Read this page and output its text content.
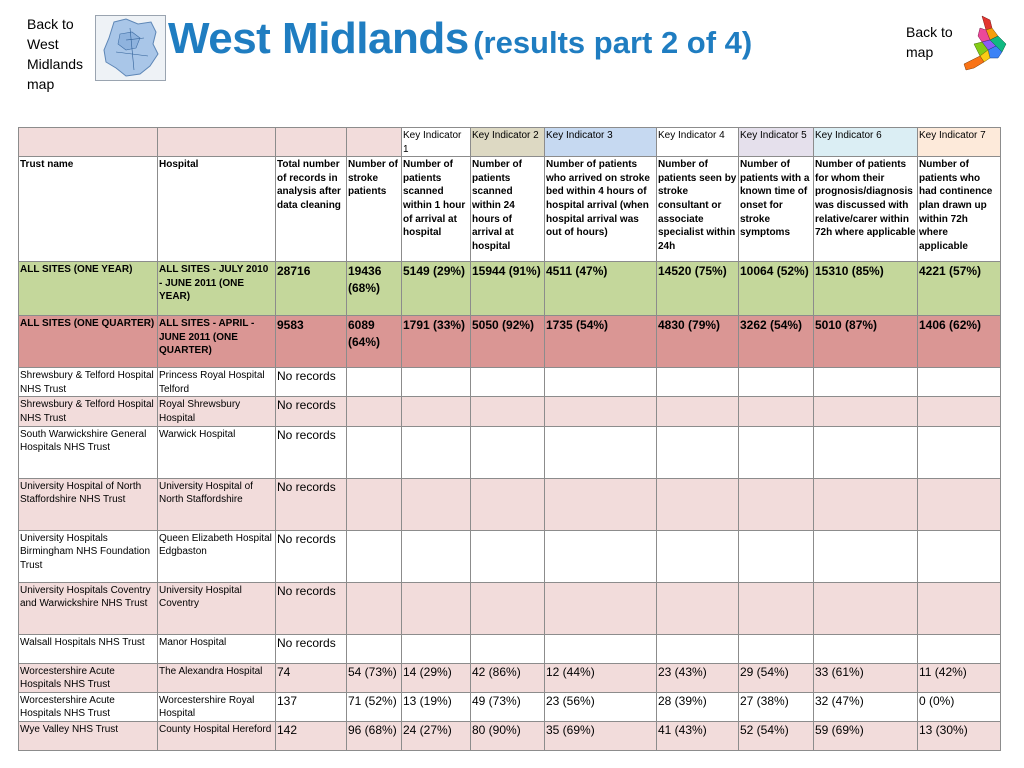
Back to West Midlands map
West Midlands (results part 2 of 4)	Back to map
				Key Indicator 1	Key Indicator 2	Key Indicator 3	Key Indicator 4	Key Indicator 5	Key Indicator 6	Key Indicator 7
Trust name	Hospital	Total number of records in analysis after data cleaning	Number of stroke patients	Number of patients scanned within 1 hour of arrival at hospital	Number of patients scanned within 24 hours of arrival at hospital	Number of patients who arrived on stroke bed within 4 hours of hospital arrival (when hospital arrival was out of hours)	Number of patients seen by stroke consultant or associate specialist within 24h	Number of patients with a known time of onset for stroke symptoms	Number of patients for whom their prognosis/diagnosis was discussed with relative/carer within 72h where applicable	Number of patients who had continence plan drawn up within 72h where applicable
ALL SITES (ONE YEAR)	ALL SITES - JULY 2010 - JUNE 2011 (ONE YEAR)	28716	19436 (68%)	5149 (29%)	15944 (91%)	4511 (47%)	14520 (75%)	10064 (52%)	15310 (85%)	4221 (57%)
ALL SITES (ONE QUARTER)	ALL SITES - APRIL - JUNE 2011 (ONE QUARTER)	9583	6089 (64%)	1791 (33%)	5050 (92%)	1735 (54%)	4830 (79%)	3262 (54%)	5010 (87%)	1406 (62%)
Shrewsbury & Telford Hospital NHS Trust	Princess Royal Hospital Telford	No records								
Shrewsbury & Telford Hospital NHS Trust	Royal Shrewsbury Hospital	No records								
South Warwickshire General Hospitals NHS Trust	Warwick Hospital	No records								
University Hospital of North Staffordshire NHS Trust	University Hospital of North Staffordshire	No records								
University Hospitals Birmingham NHS Foundation Trust	Queen Elizabeth Hospital Edgbaston	No records								
University Hospitals Coventry and Warwickshire NHS Trust	University Hospital Coventry	No records								
Walsall Hospitals NHS Trust	Manor Hospital	No records								
Worcestershire Acute Hospitals NHS Trust	The Alexandra Hospital	74	54 (73%)	14 (29%)	42 (86%)	12 (44%)	23 (43%)	29 (54%)	33 (61%)	11 (42%)
Worcestershire Acute Hospitals NHS Trust	Worcestershire Royal Hospital	137	71 (52%)	13 (19%)	49 (73%)	23 (56%)	28 (39%)	27 (38%)	32 (47%)	0 (0%)
Wye Valley NHS Trust	County Hospital Hereford	142	96 (68%)	24 (27%)	80 (90%)	35 (69%)	41 (43%)	52 (54%)	59 (69%)	13 (30%)
